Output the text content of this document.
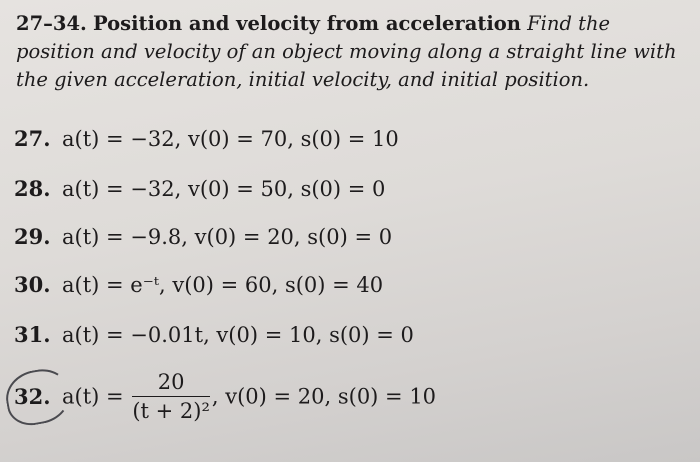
27–34. Position and velocity from acceleration Find the position and velocity of an object moving along a straight line with the given acceleration, initial velocity, and initial position.
27. a(t) = −32, v(0) = 70, s(0) = 10
28. a(t) = −32, v(0) = 50, s(0) = 0
29. a(t) = −9.8, v(0) = 20, s(0) = 0
30. a(t) = e⁻ᵗ, v(0) = 60, s(0) = 40
31. a(t) = −0.01t, v(0) = 10, s(0) = 0
32. $a(t) = \frac{20}{\text{(t + 2)²}}$ , v(0) = 20, s(0) = 10
